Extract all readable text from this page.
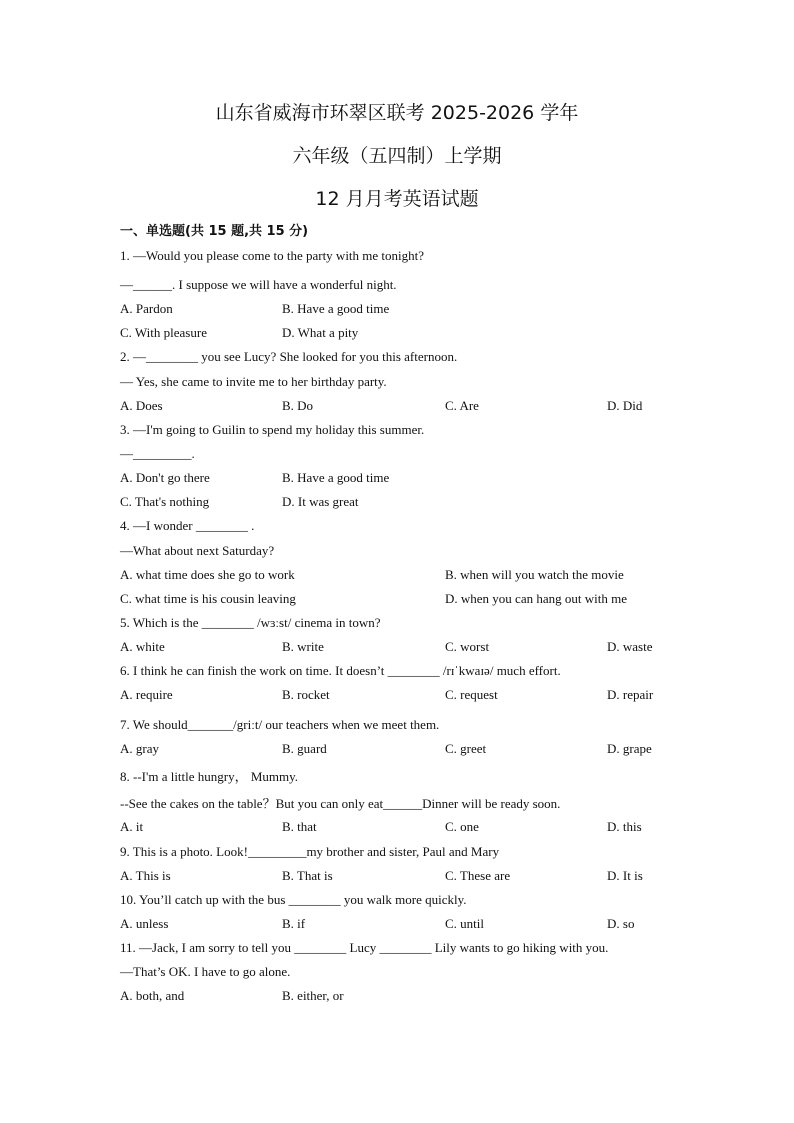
山东省威海市环翠区联考 2025-2026 学年
六年级（五四制）上学期
12 月月考英语试题
一、单选题(共 15 题,共 15 分)
1. —Would you please come to the party with me tonight?
—______. I suppose we will have a wonderful night.
A. Pardon	B. Have a good time
C. With pleasure	D. What a pity
2. —________ you see Lucy? She looked for you this afternoon.
— Yes, she came to invite me to her birthday party.
A. Does	B. Do	C. Are	D. Did
3. —I'm going to Guilin to spend my holiday this summer.
—_________.
A. Don't go there	B. Have a good time
C. That's nothing	D. It was great
4. —I wonder ________ .
—What about next Saturday?
A. what time does she go to work	B. when will you watch the movie
C. what time is his cousin leaving	D. when you can hang out with me
5. Which is the ________ /wɜːst/ cinema in town?
A. white	B. write	C. worst	D. waste
6. I think he can finish the work on time. It doesn’t ________ /rɪˈkwaɪə/ much effort.
A. require	B. rocket	C. request	D. repair
7. We should_______/griːt/ our teachers when we meet them.
A. gray	B. guard	C. greet	D. grape
8. --I'm a little hungry， Mummy.
--See the cakes on the table？But you can only eat______Dinner will be ready soon.
A. it	B. that	C. one	D. this
9. This is a photo. Look!_________my brother and sister, Paul and Mary
A. This is	B. That is	C. These are	D. It is
10. You’ll catch up with the bus ________ you walk more quickly.
A. unless	B. if	C. until	D. so
11. —Jack, I am sorry to tell you ________ Lucy ________ Lily wants to go hiking with you.
—That’s OK. I have to go alone.
A. both, and	B. either, or
